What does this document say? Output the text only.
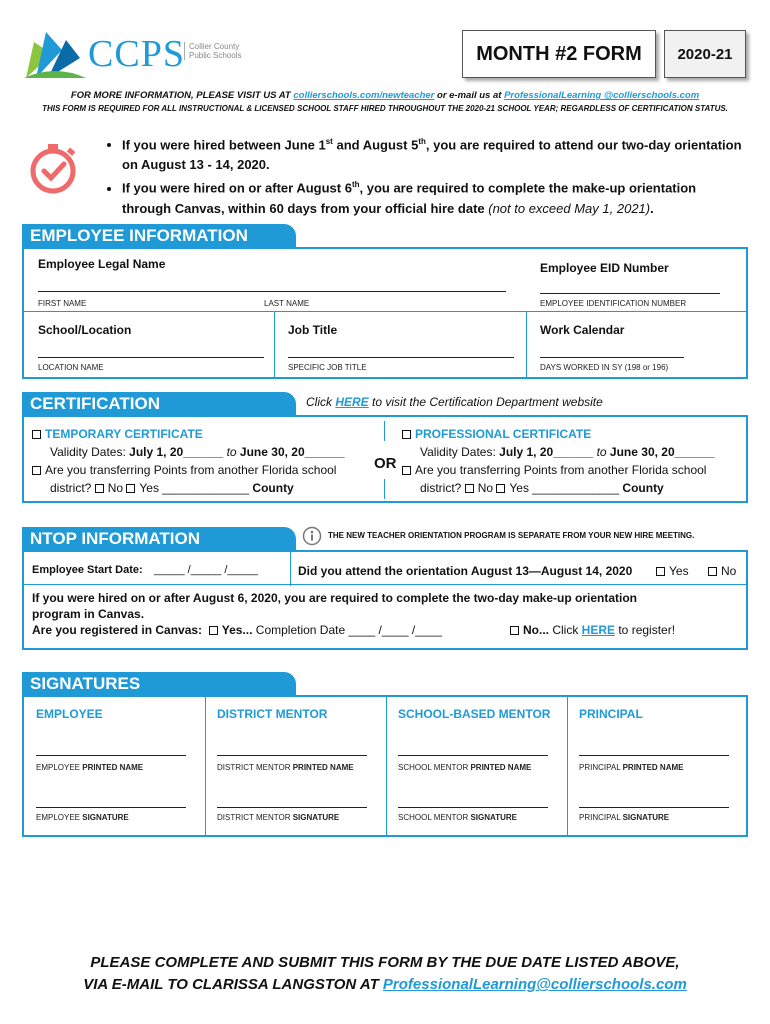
CCPS Collier County
Public Schools	MONTH #2 FORM 2020-21
FOR MORE INFORMATION, PLEASE VISIT US AT collierschools.com/newteacher or e-mail us at ProfessionalLearning @collierschools.com
THIS FORM IS REQUIRED FOR ALL INSTRUCTIONAL & LICENSED SCHOOL STAFF HIRED THROUGHOUT THE 2020-21 SCHOOL YEAR; REGARDLESS OF CERTIFICATION STATUS.
• If you were hired between June 1st and August 5th, you are required to attend our two-day orientation on August 13 - 14, 2020.
• If you were hired on or after August 6th, you are required to complete the make-up orientation through Canvas, within 60 days from your official hire date (not to exceed May 1, 2021).
EMPLOYEE INFORMATION
Employee Legal Name
FIRST NAME	LAST NAME
Employee EID Number
EMPLOYEE IDENTIFICATION NUMBER
School/Location
LOCATION NAME
Job Title
SPECIFIC JOB TITLE
Work Calendar
DAYS WORKED IN SY (198 or 196)
CERTIFICATION	Click HERE to visit the Certification Department website
TEMPORARY CERTIFICATE
Validity Dates: July 1, 20______ to June 30, 20______
Are you transferring Points from another Florida school
district? No Yes _____________ County
OR
PROFESSIONAL CERTIFICATE
Validity Dates: July 1, 20______ to June 30, 20______
Are you transferring Points from another Florida school
district? No Yes _____________ County
NTOP INFORMATION	THE NEW TEACHER ORIENTATION PROGRAM IS SEPARATE FROM YOUR NEW HIRE MEETING.
Employee Start Date: _____ /_____ /_____	Did you attend the orientation August 13—August 14, 2020	Yes	No
If you were hired on or after August 6, 2020, you are required to complete the two-day make-up orientation program in Canvas.
Are you registered in Canvas: Yes... Completion Date ____ /____ /____	No... Click HERE to register!
SIGNATURES
EMPLOYEE
EMPLOYEE PRINTED NAME
EMPLOYEE SIGNATURE
DISTRICT MENTOR
DISTRICT MENTOR PRINTED NAME
DISTRICT MENTOR SIGNATURE
SCHOOL-BASED MENTOR
SCHOOL MENTOR PRINTED NAME
SCHOOL MENTOR SIGNATURE
PRINCIPAL
PRINCIPAL PRINTED NAME
PRINCIPAL SIGNATURE
PLEASE COMPLETE AND SUBMIT THIS FORM BY THE DUE DATE LISTED ABOVE,
VIA E-MAIL TO CLARISSA LANGSTON AT ProfessionalLearning@collierschools.com
